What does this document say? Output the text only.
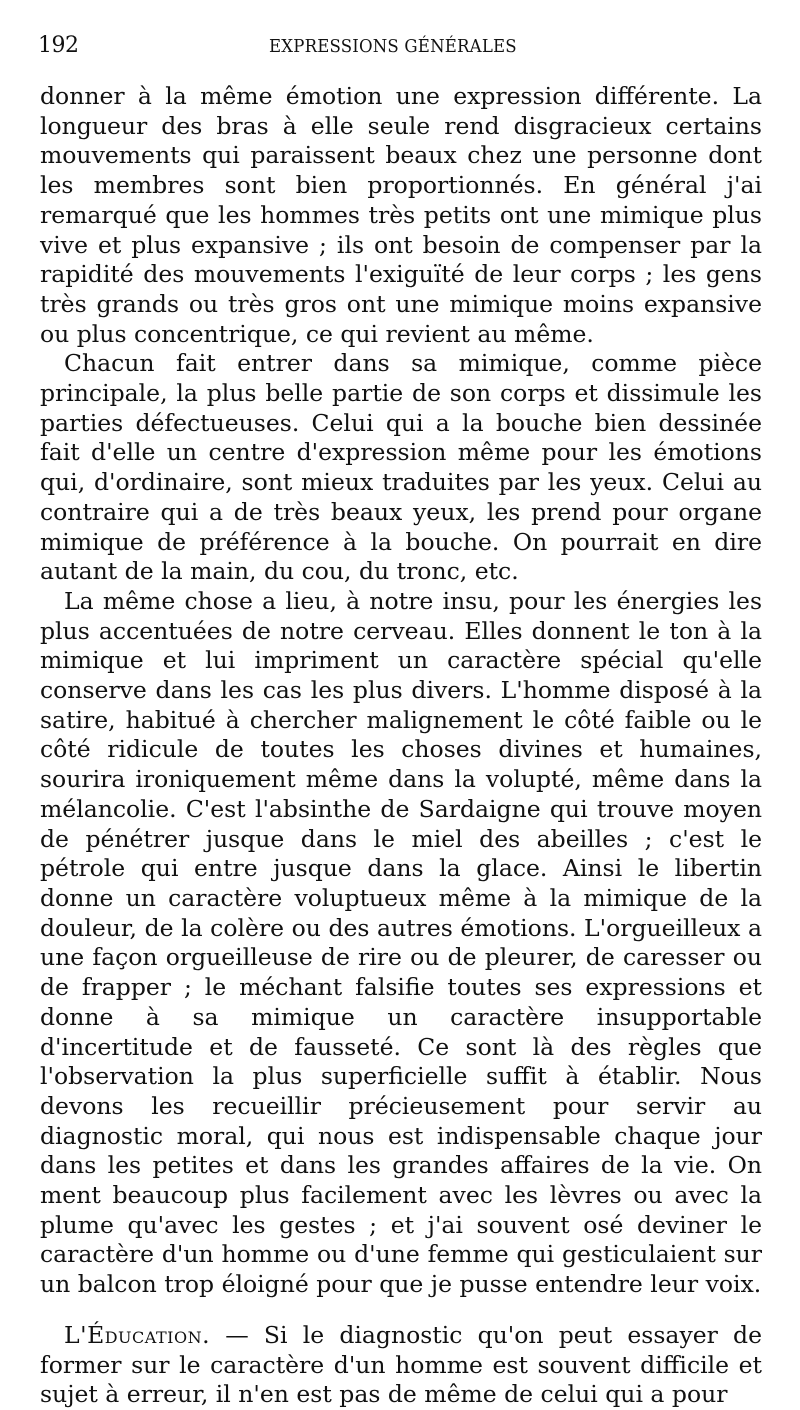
192	EXPRESSIONS GÉNÉRALES

donner à la même émotion une expression différente. La longueur des bras à elle seule rend disgracieux certains mouvements qui paraissent beaux chez une personne dont les membres sont bien proportionnés. En général j'ai remarqué que les hommes très petits ont une mimique plus vive et plus expansive ; ils ont besoin de compenser par la rapidité des mouvements l'exiguïté de leur corps ; les gens très grands ou très gros ont une mimique moins expansive ou plus concentrique, ce qui revient au même.

Chacun fait entrer dans sa mimique, comme pièce principale, la plus belle partie de son corps et dissimule les parties défectueuses. Celui qui a la bouche bien dessinée fait d'elle un centre d'expression même pour les émotions qui, d'ordinaire, sont mieux traduites par les yeux. Celui au contraire qui a de très beaux yeux, les prend pour organe mimique de préférence à la bouche. On pourrait en dire autant de la main, du cou, du tronc, etc.

La même chose a lieu, à notre insu, pour les énergies les plus accentuées de notre cerveau. Elles donnent le ton à la mimique et lui impriment un caractère spécial qu'elle conserve dans les cas les plus divers. L'homme disposé à la satire, habitué à chercher malignement le côté faible ou le côté ridicule de toutes les choses divines et humaines, sourira ironiquement même dans la volupté, même dans la mélancolie. C'est l'absinthe de Sardaigne qui trouve moyen de pénétrer jusque dans le miel des abeilles ; c'est le pétrole qui entre jusque dans la glace. Ainsi le libertin donne un caractère voluptueux même à la mimique de la douleur, de la colère ou des autres émotions. L'orgueilleux a une façon orgueilleuse de rire ou de pleurer, de caresser ou de frapper ; le méchant falsifie toutes ses expressions et donne à sa mimique un caractère insupportable d'incertitude et de fausseté. Ce sont là des règles que l'observation la plus superficielle suffit à établir. Nous devons les recueillir précieusement pour servir au diagnostic moral, qui nous est indispensable chaque jour dans les petites et dans les grandes affaires de la vie. On ment beaucoup plus facilement avec les lèvres ou avec la plume qu'avec les gestes ; et j'ai souvent osé deviner le caractère d'un homme ou d'une femme qui gesticulaient sur un balcon trop éloigné pour que je pusse entendre leur voix.

L'Éducation. — Si le diagnostic qu'on peut essayer de former sur le caractère d'un homme est souvent difficile et sujet à erreur, il n'en est pas de même de celui qui a pour
